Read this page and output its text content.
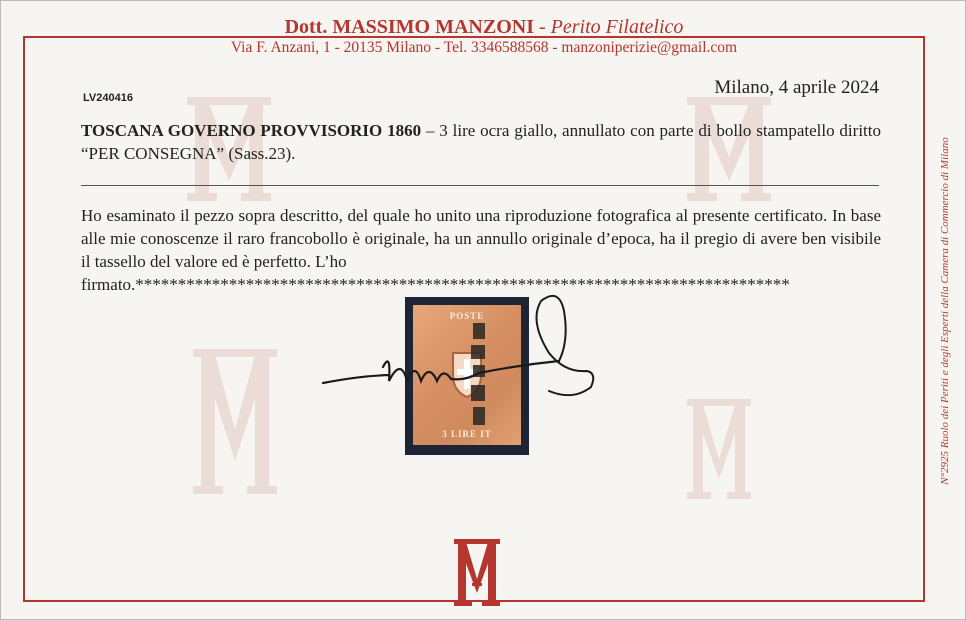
Dott. MASSIMO MANZONI - Perito Filatelico
Via F. Anzani, 1 - 20135 Milano - Tel. 3346588568 - manzoniperizie@gmail.com
LV240416	Milano, 4 aprile 2024
TOSCANA GOVERNO PROVVISORIO 1860 – 3 lire ocra giallo, annullato con parte di bollo stampatello diritto “PER CONSEGNA” (Sass.23).
Ho esaminato il pezzo sopra descritto, del quale ho unito una riproduzione fotografica al presente certificato. In base alle mie conoscenze il raro francobollo è originale, ha un annullo originale d’epoca, ha il pregio di avere ben visibile il tassello del valore ed è perfetto. L’ho
firmato.*****************************************************************************
POSTE
3 LIRE IT	N°2925 Ruolo dei Periti e degli Esperti della Camera di Commercio di Milano
